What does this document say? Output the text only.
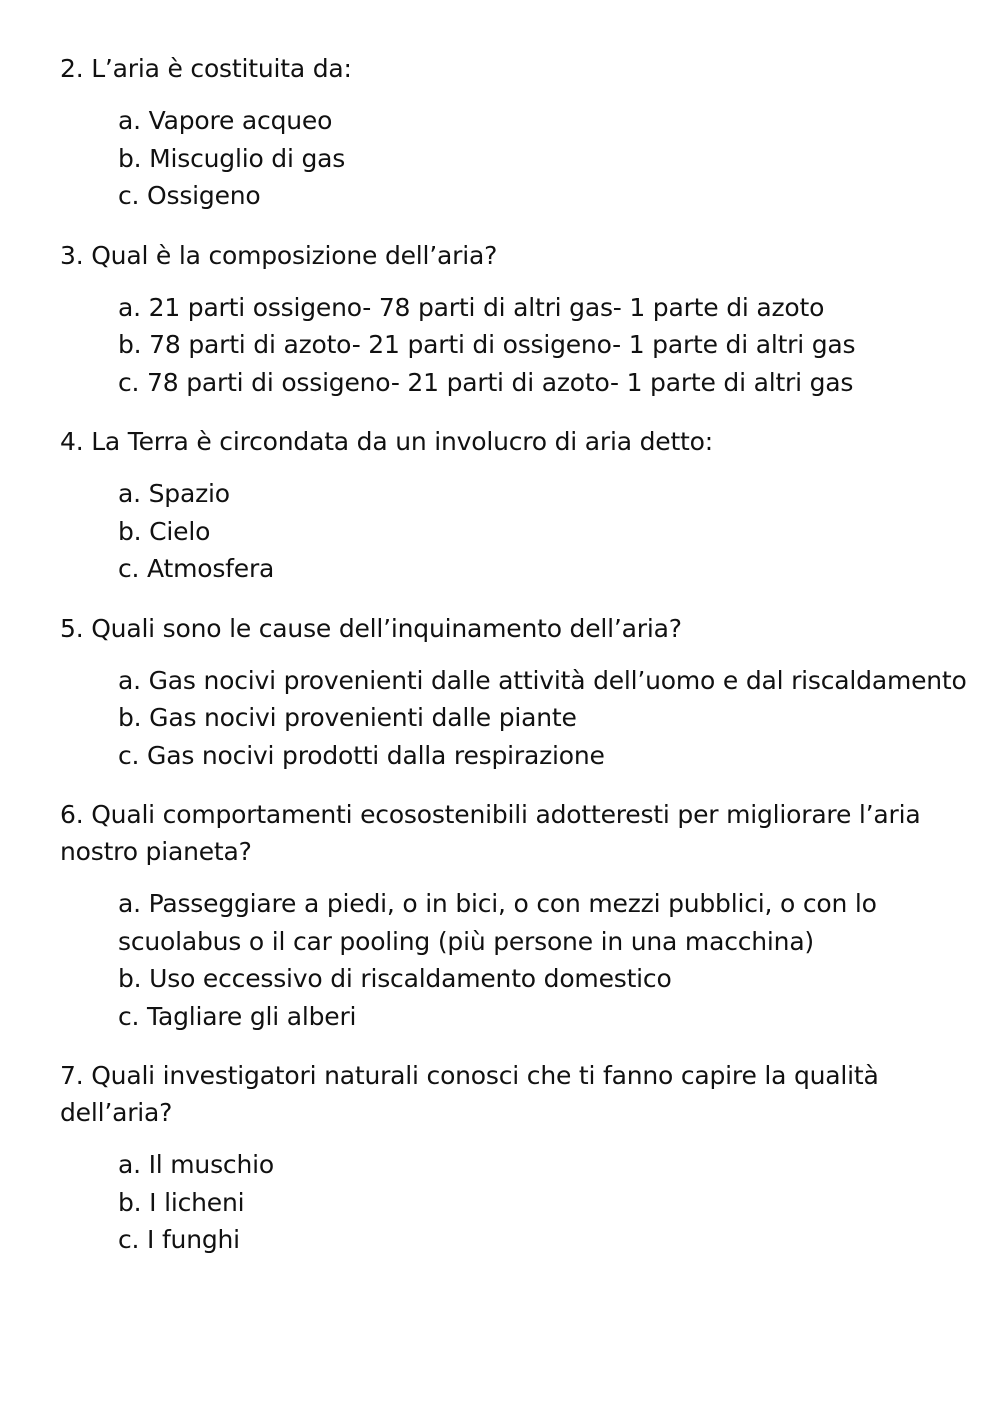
2. L’aria è costituita da:
a. Vapore acqueo
b. Miscuglio di gas
c. Ossigeno
3. Qual è la composizione dell’aria?
a. 21 parti ossigeno- 78 parti di altri gas- 1 parte di azoto
b. 78 parti di azoto- 21 parti di ossigeno- 1 parte di altri gas
c. 78 parti di ossigeno- 21 parti di azoto- 1 parte di altri gas
4. La Terra è circondata da un involucro di aria detto:
a. Spazio
b. Cielo
c. Atmosfera
5. Quali sono le cause dell’inquinamento dell’aria?
a. Gas nocivi provenienti dalle attività dell’uomo e dal riscaldamento
b. Gas nocivi provenienti dalle piante
c. Gas nocivi prodotti dalla respirazione
6. Quali comportamenti ecosostenibili adotteresti per migliorare l’aria nostro pianeta?
a. Passeggiare a piedi, o in bici, o con mezzi pubblici, o con lo scuolabus o il car pooling (più persone in una macchina)
b. Uso eccessivo di riscaldamento domestico
c. Tagliare gli alberi
7. Quali investigatori naturali conosci che ti fanno capire la qualità dell’aria?
a. Il muschio
b. I licheni
c. I funghi
